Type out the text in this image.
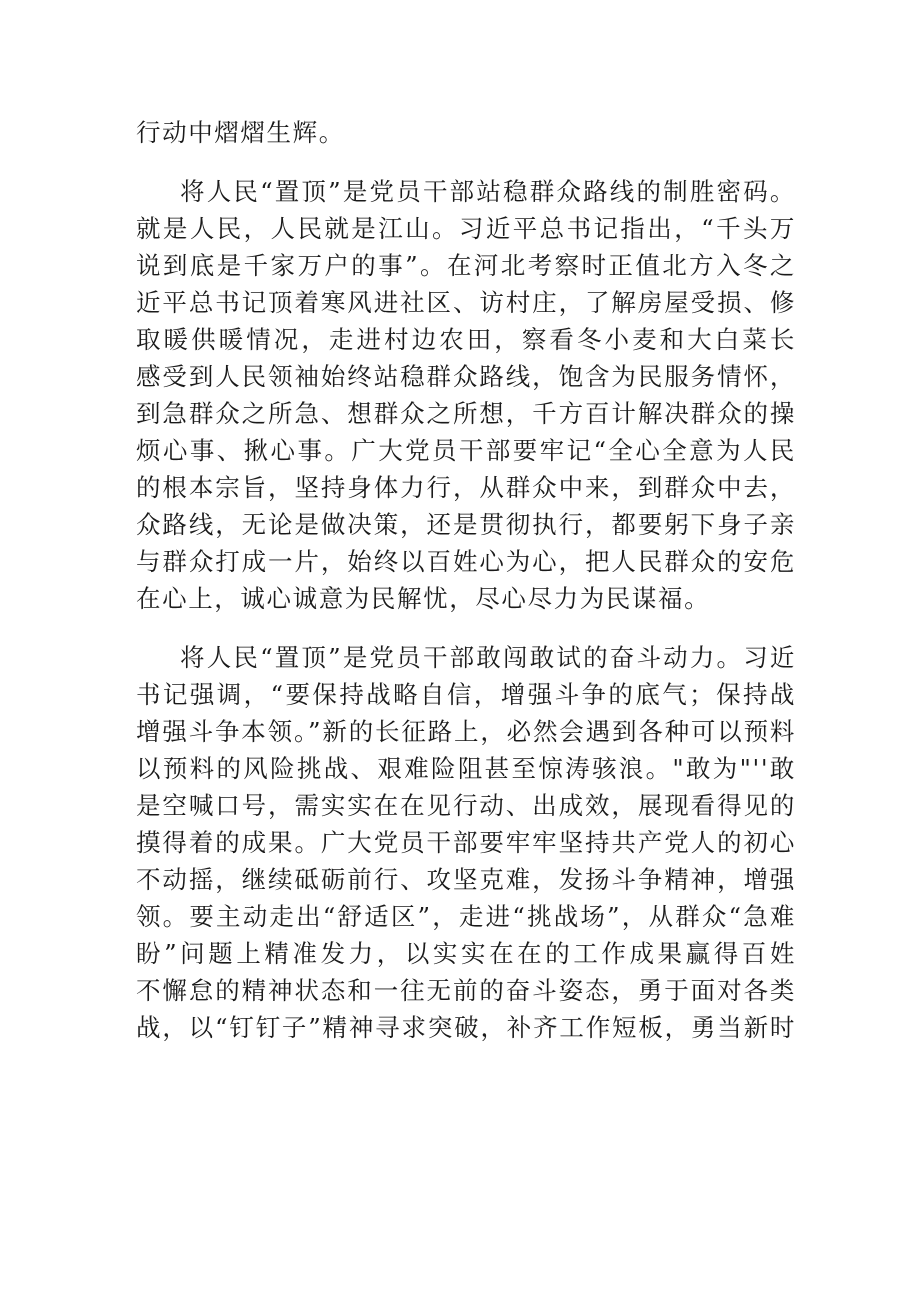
行动中熠熠生辉。
将人民“置顶”是党员干部站稳群众路线的制胜密码。
就是人民，人民就是江山。习近平总书记指出，“千头万
说到底是千家万户的事”。在河北考察时正值北方入冬之
近平总书记顶着寒风进社区、访村庄，了解房屋受损、修
取暖供暖情况，走进村边农田，察看冬小麦和大白菜长
感受到人民领袖始终站稳群众路线，饱含为民服务情怀，
到急群众之所急、想群众之所想，千方百计解决群众的操
烦心事、揪心事。广大党员干部要牢记“全心全意为人民
的根本宗旨，坚持身体力行，从群众中来，到群众中去，
众路线，无论是做决策，还是贯彻执行，都要躬下身子亲
与群众打成一片，始终以百姓心为心，把人民群众的安危
在心上，诚心诚意为民解忧，尽心尽力为民谋福。
将人民“置顶”是党员干部敢闯敢试的奋斗动力。习近
书记强调，“要保持战略自信，增强斗争的底气；保持战
增强斗争本领。”新的长征路上，必然会遇到各种可以预料
以预料的风险挑战、艰难险阻甚至惊涛骇浪。"敢为"''敢
是空喊口号，需实实在在见行动、出成效，展现看得见的
摸得着的成果。广大党员干部要牢牢坚持共产党人的初心
不动摇，继续砥砺前行、攻坚克难，发扬斗争精神，增强
领。要主动走出“舒适区”，走进“挑战场”，从群众“急难
盼”问题上精准发力，以实实在在的工作成果赢得百姓
不懈怠的精神状态和一往无前的奋斗姿态，勇于面对各类
战，以“钉钉子”精神寻求突破，补齐工作短板，勇当新时
